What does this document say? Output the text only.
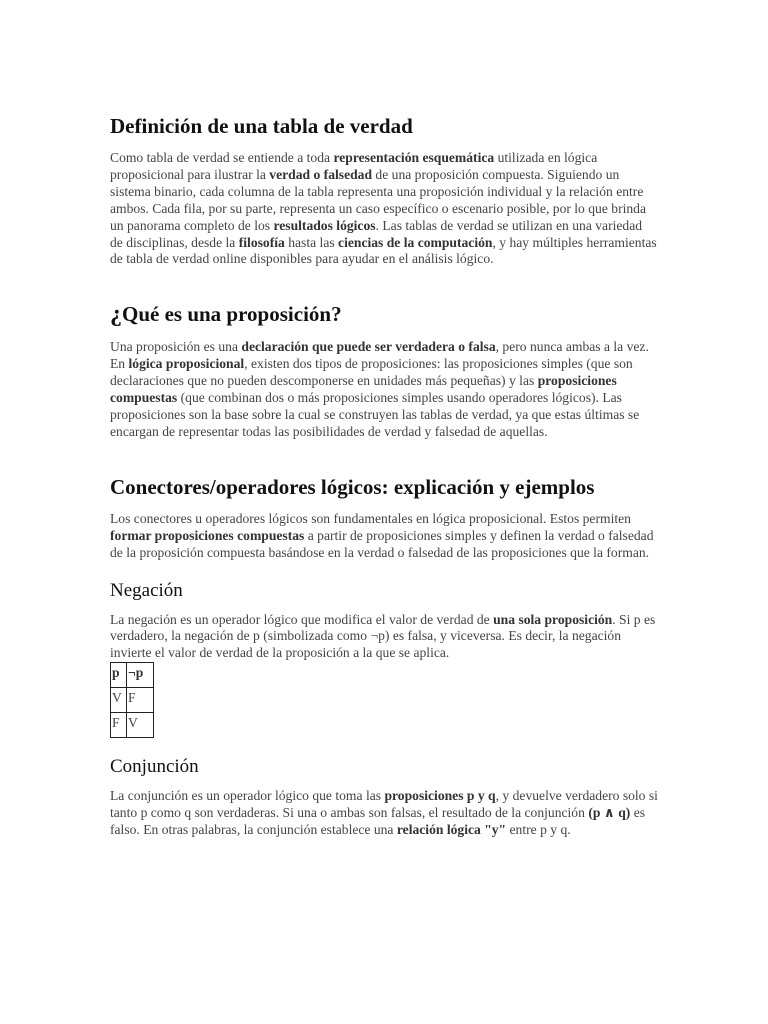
Definición de una tabla de verdad

Como tabla de verdad se entiende a toda representación esquemática utilizada en lógica proposicional para ilustrar la verdad o falsedad de una proposición compuesta. Siguiendo un sistema binario, cada columna de la tabla representa una proposición individual y la relación entre ambos. Cada fila, por su parte, representa un caso específico o escenario posible, por lo que brinda un panorama completo de los resultados lógicos. Las tablas de verdad se utilizan en una variedad de disciplinas, desde la filosofía hasta las ciencias de la computación, y hay múltiples herramientas de tabla de verdad online disponibles para ayudar en el análisis lógico.

¿Qué es una proposición?

Una proposición es una declaración que puede ser verdadera o falsa, pero nunca ambas a la vez. En lógica proposicional, existen dos tipos de proposiciones: las proposiciones simples (que son declaraciones que no pueden descomponerse en unidades más pequeñas) y las proposiciones compuestas (que combinan dos o más proposiciones simples usando operadores lógicos). Las proposiciones son la base sobre la cual se construyen las tablas de verdad, ya que estas últimas se encargan de representar todas las posibilidades de verdad y falsedad de aquellas.

Conectores/operadores lógicos: explicación y ejemplos

Los conectores u operadores lógicos son fundamentales en lógica proposicional. Estos permiten formar proposiciones compuestas a partir de proposiciones simples y definen la verdad o falsedad de la proposición compuesta basándose en la verdad o falsedad de las proposiciones que la forman.

Negación

La negación es un operador lógico que modifica el valor de verdad de una sola proposición. Si p es verdadero, la negación de p (simbolizada como ¬p) es falsa, y viceversa. Es decir, la negación invierte el valor de verdad de la proposición a la que se aplica.

p	¬p
V	F
F	V
Conjunción

La conjunción es un operador lógico que toma las proposiciones p y q, y devuelve verdadero solo si tanto p como q son verdaderas. Si una o ambas son falsas, el resultado de la conjunción (p ∧ q) es falso. En otras palabras, la conjunción establece una relación lógica "y" entre p y q.
